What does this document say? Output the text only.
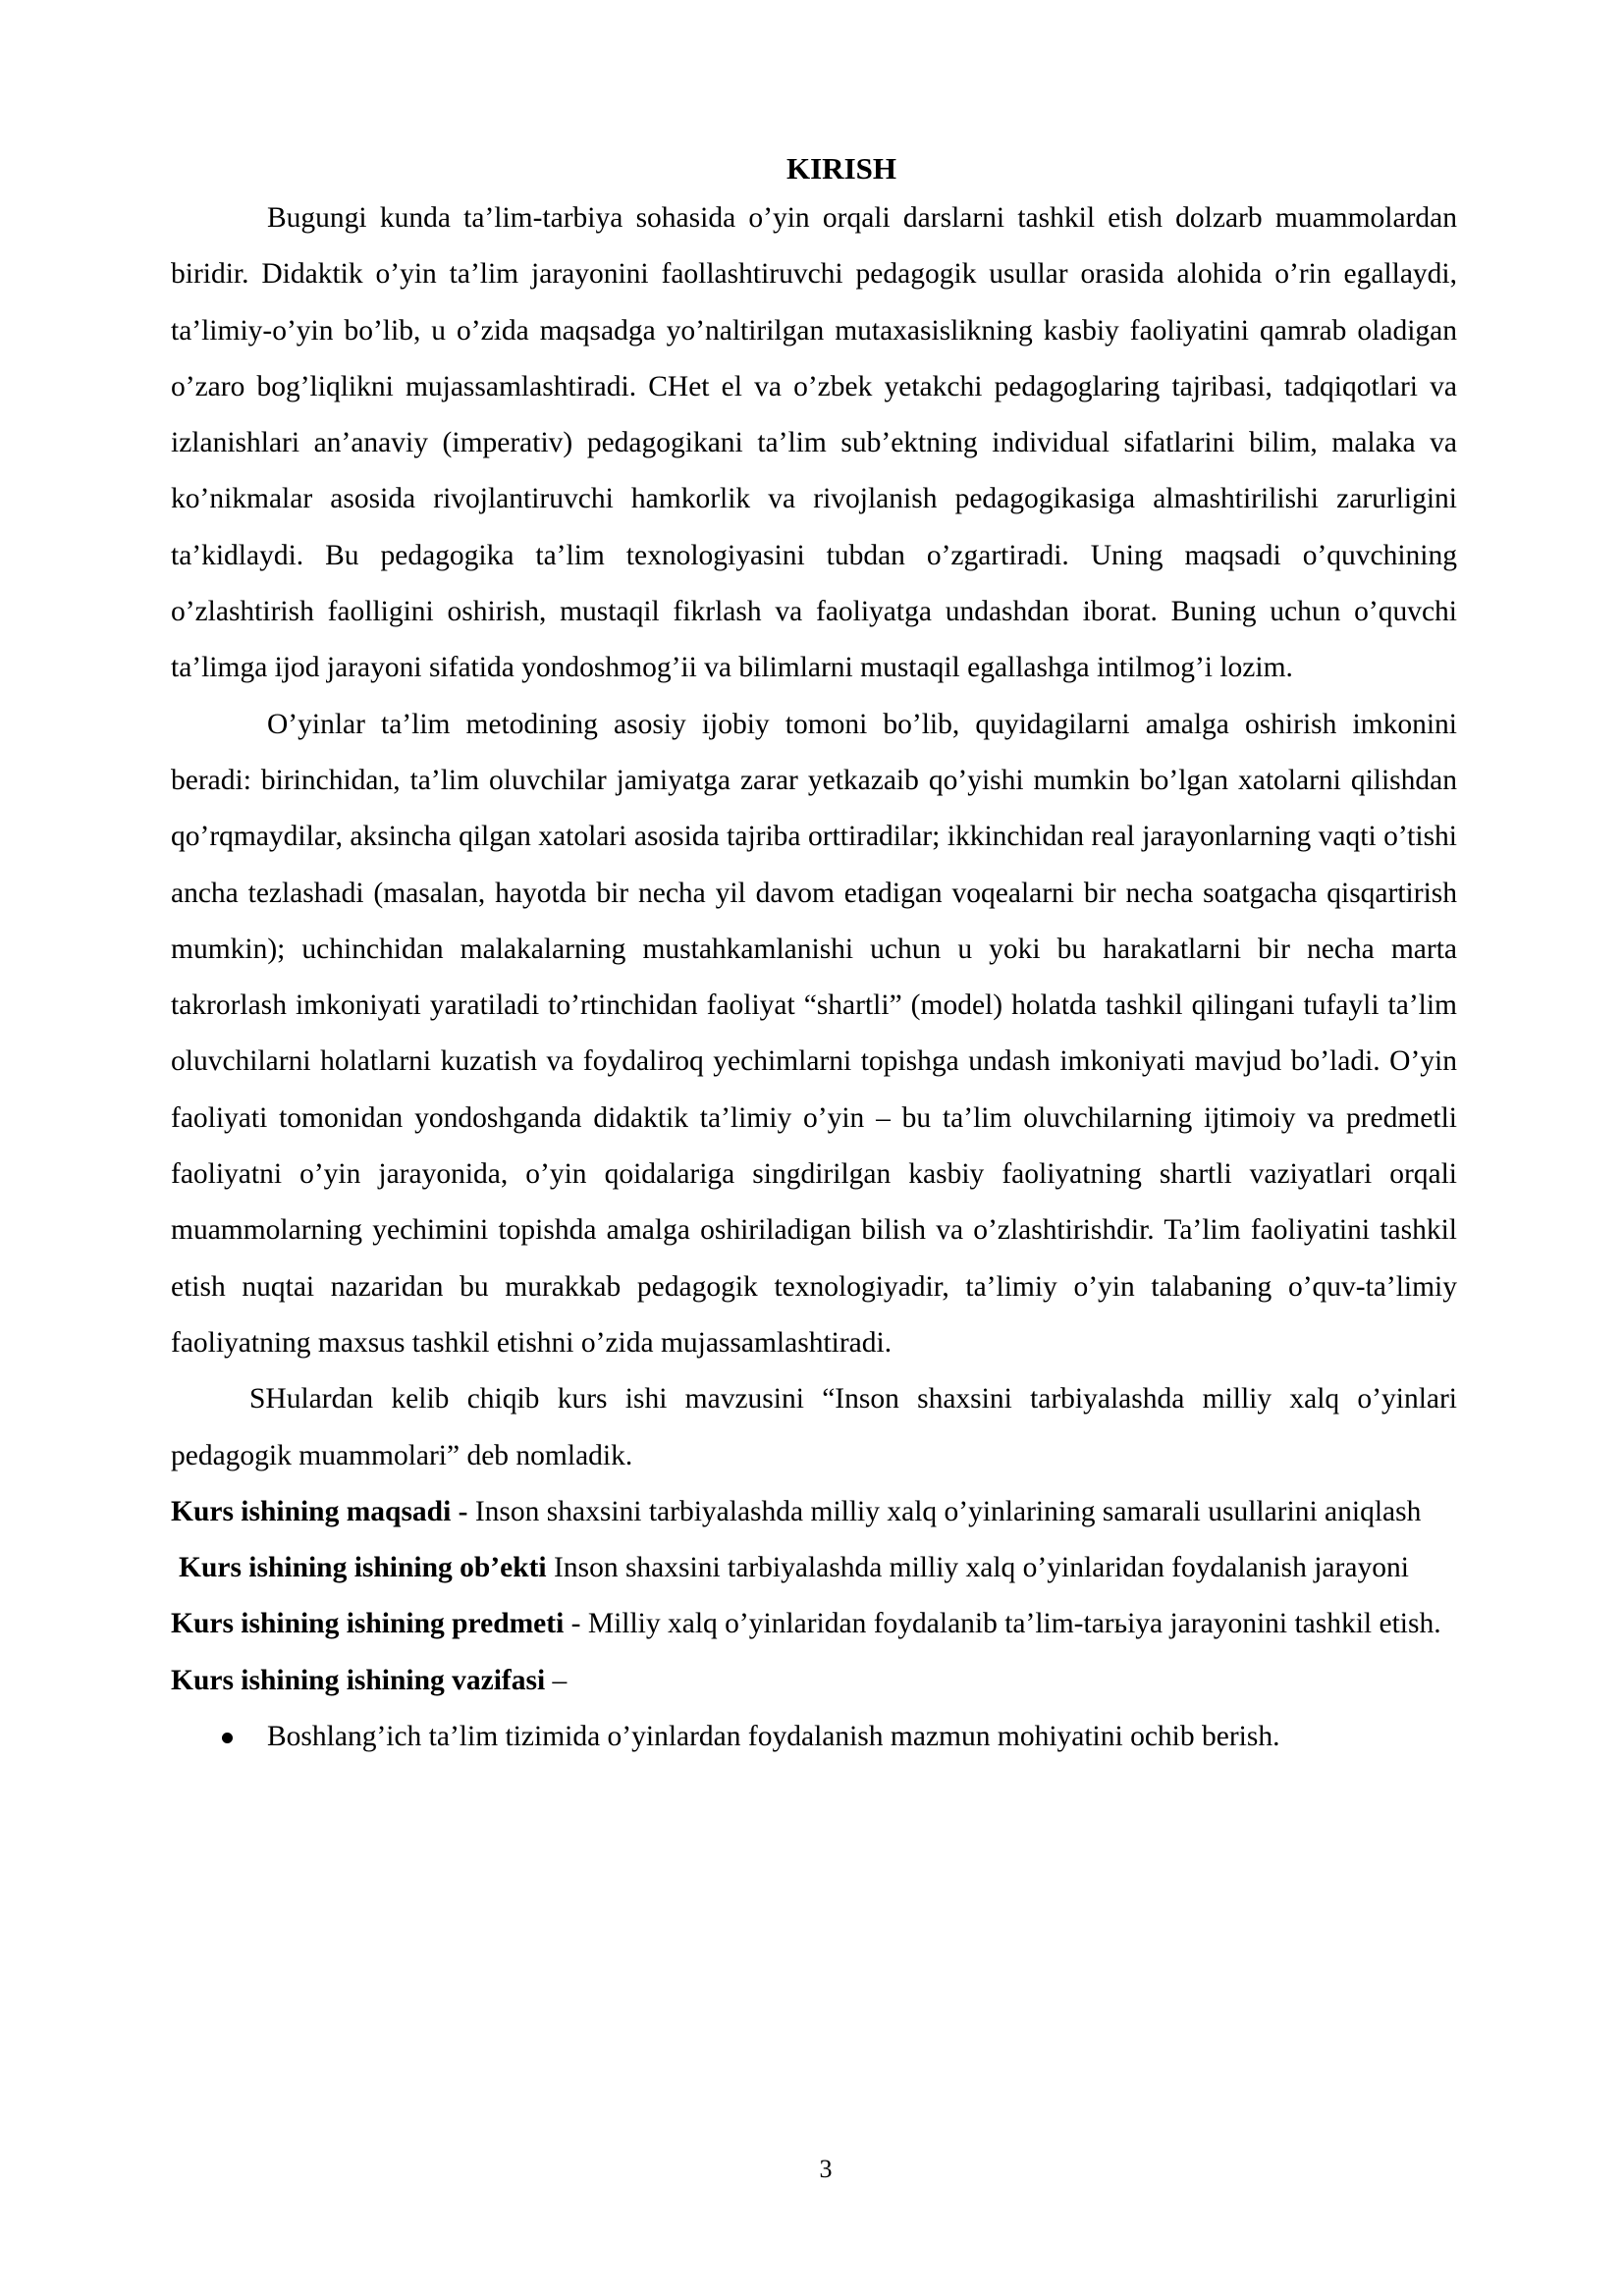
KIRISH

Bugungi kunda ta’lim-tarbiya sohasida o’yin orqali darslarni tashkil etish dolzarb muammolardan biridir. Didaktik o’yin ta’lim jarayonini faollashtiruvchi pedagogik usullar orasida alohida o’rin egallaydi, ta’limiy-o’yin bo’lib, u o’zida maqsadga yo’naltirilgan mutaxasislikning kasbiy faoliyatini qamrab oladigan o’zaro bog’liqlikni mujassamlashtiradi. CHet el va o’zbek yetakchi pedagoglaring tajribasi, tadqiqotlari va izlanishlari an’anaviy (imperativ) pedagogikani ta’lim sub’ektning individual sifatlarini bilim, malaka va ko’nikmalar asosida rivojlantiruvchi hamkorlik va rivojlanish pedagogikasiga almashtirilishi zarurligini ta’kidlaydi. Bu pedagogika ta’lim texnologiyasini tubdan o’zgartiradi. Uning maqsadi o’quvchining o’zlashtirish faolligini oshirish, mustaqil fikrlash va faoliyatga undashdan iborat. Buning uchun o’quvchi ta’limga ijod jarayoni sifatida yondoshmog’ii va bilimlarni mustaqil egallashga intilmog’i lozim.

O’yinlar ta’lim metodining asosiy ijobiy tomoni bo’lib, quyidagilarni amalga oshirish imkonini beradi: birinchidan, ta’lim oluvchilar jamiyatga zarar yetkazaib qo’yishi mumkin bo’lgan xatolarni qilishdan qo’rqmaydilar, aksincha qilgan xatolari asosida tajriba orttiradilar; ikkinchidan real jarayonlarning vaqti o’tishi ancha tezlashadi (masalan, hayotda bir necha yil davom etadigan voqealarni bir necha soatgacha qisqartirish mumkin); uchinchidan malakalarning mustahkamlanishi uchun u yoki bu harakatlarni bir necha marta takrorlash imkoniyati yaratiladi to’rtinchidan faoliyat “shartli” (model) holatda tashkil qilingani tufayli ta’lim oluvchilarni holatlarni kuzatish va foydaliroq yechimlarni topishga undash imkoniyati mavjud bo’ladi. O’yin faoliyati tomonidan yondoshganda didaktik ta’limiy o’yin – bu ta’lim oluvchilarning ijtimoiy va predmetli faoliyatni o’yin jarayonida, o’yin qoidalariga singdirilgan kasbiy faoliyatning shartli vaziyatlari orqali muammolarning yechimini topishda amalga oshiriladigan bilish va o’zlashtirishdir. Ta’lim faoliyatini tashkil etish nuqtai nazaridan bu murakkab pedagogik texnologiyadir, ta’limiy o’yin talabaning o’quv-ta’limiy faoliyatning maxsus tashkil etishni o’zida mujassamlashtiradi.

SHulardan kelib chiqib kurs ishi mavzusini “Inson shaxsini tarbiyalashda milliy xalq o’yinlari pedagogik muammolari” deb nomladik.

Kurs ishining maqsadi - Inson shaxsini tarbiyalashda milliy xalq o’yinlarining samarali usullarini aniqlash

Kurs ishining ishining ob’ekti Inson shaxsini tarbiyalashda milliy xalq o’yinlaridan foydalanish jarayoni

Kurs ishining ishining predmeti - Milliy xalq o’yinlaridan foydalanib ta’lim-tarьiya jarayonini tashkil etish.

Kurs ishining ishining vazifasi –

Boshlang’ich ta’lim tizimida o’yinlardan foydalanish mazmun mohiyatini ochib berish.
3
